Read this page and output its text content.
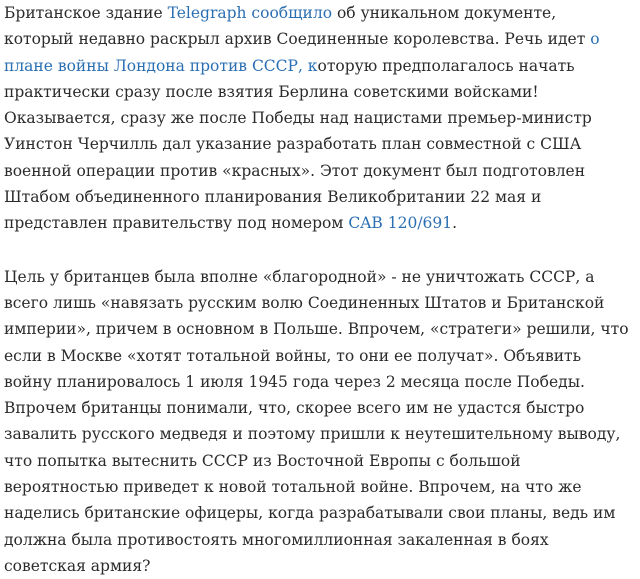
Британское здание Telegraph сообщило об уникальном документе, который недавно раскрыл архив Соединенные королевства. Речь идет о плане войны Лондона против СССР, которую предполагалось начать практически сразу после взятия Берлина советскими войсками! Оказывается, сразу же после Победы над нацистами премьер-министр Уинстон Черчилль дал указание разработать план совместной с США военной операции против «красных». Этот документ был подготовлен Штабом объединенного планирования Великобритании 22 мая и представлен правительству под номером CAB 120/691.

Цель у британцев была вполне «благородной» - не уничтожать СССР, а всего лишь «навязать русским волю Соединенных Штатов и Британской империи», причем в основном в Польше. Впрочем, «стратеги» решили, что если в Москве «хотят тотальной войны, то они ее получат». Объявить войну планировалось 1 июля 1945 года через 2 месяца после Победы. Впрочем британцы понимали, что, скорее всего им не удастся быстро завалить русского медведя и поэтому пришли к неутешительному выводу, что попытка вытеснить СССР из Восточной Европы с большой вероятностью приведет к новой тотальной войне. Впрочем, на что же наделись британские офицеры, когда разрабатывали свои планы, ведь им должна была противостоять многомиллионная закаленная в боях советская армия?
